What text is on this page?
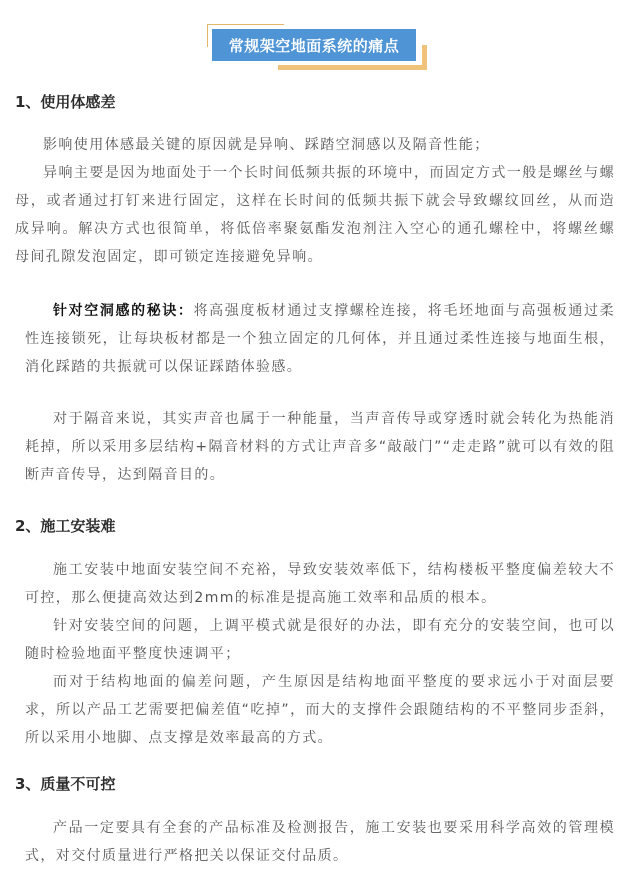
常规架空地面系统的痛点
1、使用体感差

影响使用体感最关键的原因就是异响、踩踏空洞感以及隔音性能；

异响主要是因为地面处于一个长时间低频共振的环境中，而固定方式一般是螺丝与螺母，或者通过打钉来进行固定，这样在长时间的低频共振下就会导致螺纹回丝，从而造成异响。解决方式也很简单，将低倍率聚氨酯发泡剂注入空心的通孔螺栓中，将螺丝螺母间孔隙发泡固定，即可锁定连接避免异响。

针对空洞感的秘诀：将高强度板材通过支撑螺栓连接，将毛坯地面与高强板通过柔性连接锁死，让每块板材都是一个独立固定的几何体，并且通过柔性连接与地面生根，消化踩踏的共振就可以保证踩踏体验感。

对于隔音来说，其实声音也属于一种能量，当声音传导或穿透时就会转化为热能消耗掉，所以采用多层结构+隔音材料的方式让声音多“敲敲门”“走走路”就可以有效的阻断声音传导，达到隔音目的。

2、施工安装难

施工安装中地面安装空间不充裕，导致安装效率低下，结构楼板平整度偏差较大不可控，那么便捷高效达到2mm的标准是提高施工效率和品质的根本。

针对安装空间的问题，上调平模式就是很好的办法，即有充分的安装空间，也可以随时检验地面平整度快速调平；

而对于结构地面的偏差问题，产生原因是结构地面平整度的要求远小于对面层要求，所以产品工艺需要把偏差值“吃掉”，而大的支撑件会跟随结构的不平整同步歪斜，所以采用小地脚、点支撑是效率最高的方式。

3、质量不可控

产品一定要具有全套的产品标准及检测报告，施工安装也要采用科学高效的管理模式，对交付质量进行严格把关以保证交付品质。
